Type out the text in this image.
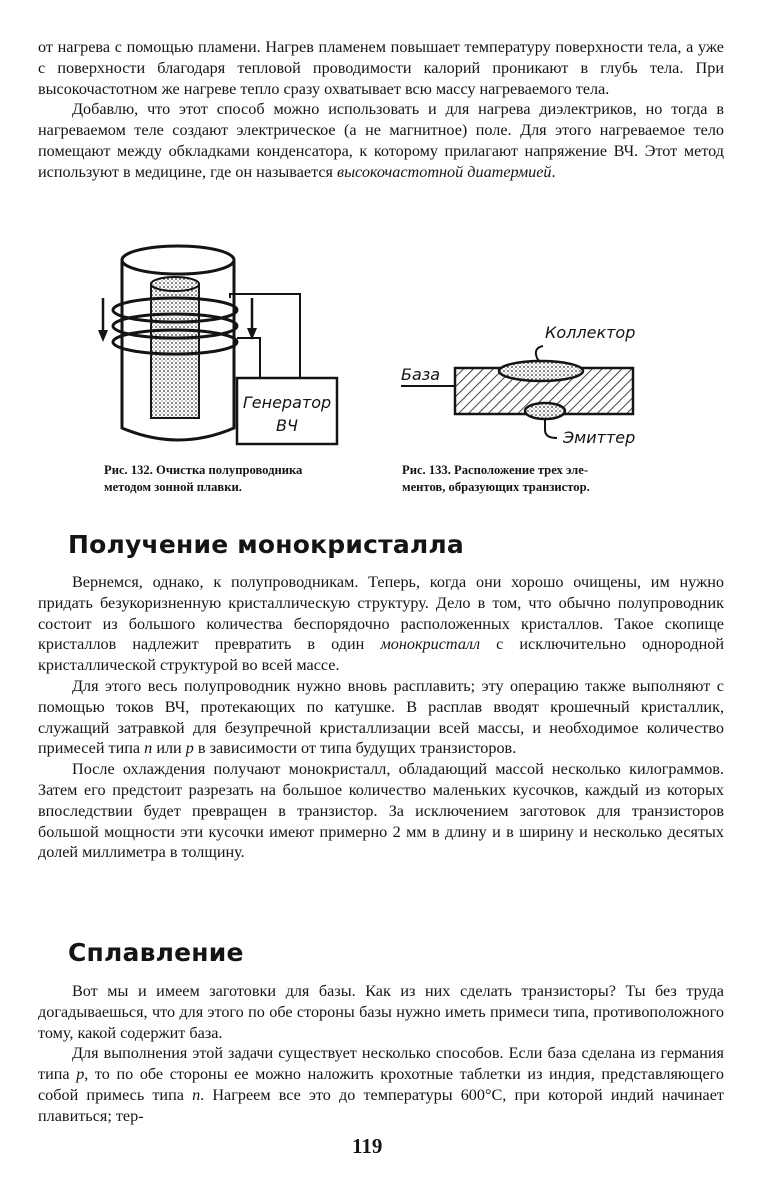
от нагрева с помощью пламени. Нагрев пламенем повышает температуру поверхности тела, а уже с поверхности благодаря тепловой проводимости калорий проникают в глубь тела. При высокочастотном же нагреве тепло сразу охватывает всю массу нагреваемого тела.

Добавлю, что этот способ можно использовать и для нагрева диэлектриков, но тогда в нагреваемом теле создают электрическое (а не магнитное) поле. Для этого нагреваемое тело помещают между обкладками конденсатора, к которому прилагают напряжение ВЧ. Этот метод используют в медицине, где он называется высокочастотной диатермией.

Генератор
ВЧ
Рис. 132. Очистка полупроводника
методом зонной плавки.
Коллектор
База
Эмиттер
Рис. 133. Расположение трех эле-
ментов, образующих транзистор.
Получение монокристалла

Вернемся, однако, к полупроводникам. Теперь, когда они хорошо очищены, им нужно придать безукоризненную кристаллическую структуру. Дело в том, что обычно полупроводник состоит из большого количества беспорядочно расположенных кристаллов. Такое скопище кристаллов надлежит превратить в один монокристалл с исключительно однородной кристаллической структурой во всей массе.

Для этого весь полупроводник нужно вновь расплавить; эту операцию также выполняют с помощью токов ВЧ, протекающих по катушке. В расплав вводят крошечный кристаллик, служащий затравкой для безупречной кристаллизации всей массы, и необходимое количество примесей типа n или p в зависимости от типа будущих транзисторов.

После охлаждения получают монокристалл, обладающий массой несколько килограммов. Затем его предстоит разрезать на большое количество маленьких кусочков, каждый из которых впоследствии будет превращен в транзистор. За исключением заготовок для транзисторов большой мощности эти кусочки имеют примерно 2 мм в длину и в ширину и несколько десятых долей миллиметра в толщину.

Сплавление

Вот мы и имеем заготовки для базы. Как из них сделать транзисторы? Ты без труда догадываешься, что для этого по обе стороны базы нужно иметь примеси типа, противоположного тому, какой содержит база.

Для выполнения этой задачи существует несколько способов. Если база сделана из германия типа p, то по обе стороны ее можно наложить крохотные таблетки из индия, представляющего собой примесь типа n. Нагреем все это до температуры 600°С, при которой индий начинает плавиться; тер-

119
